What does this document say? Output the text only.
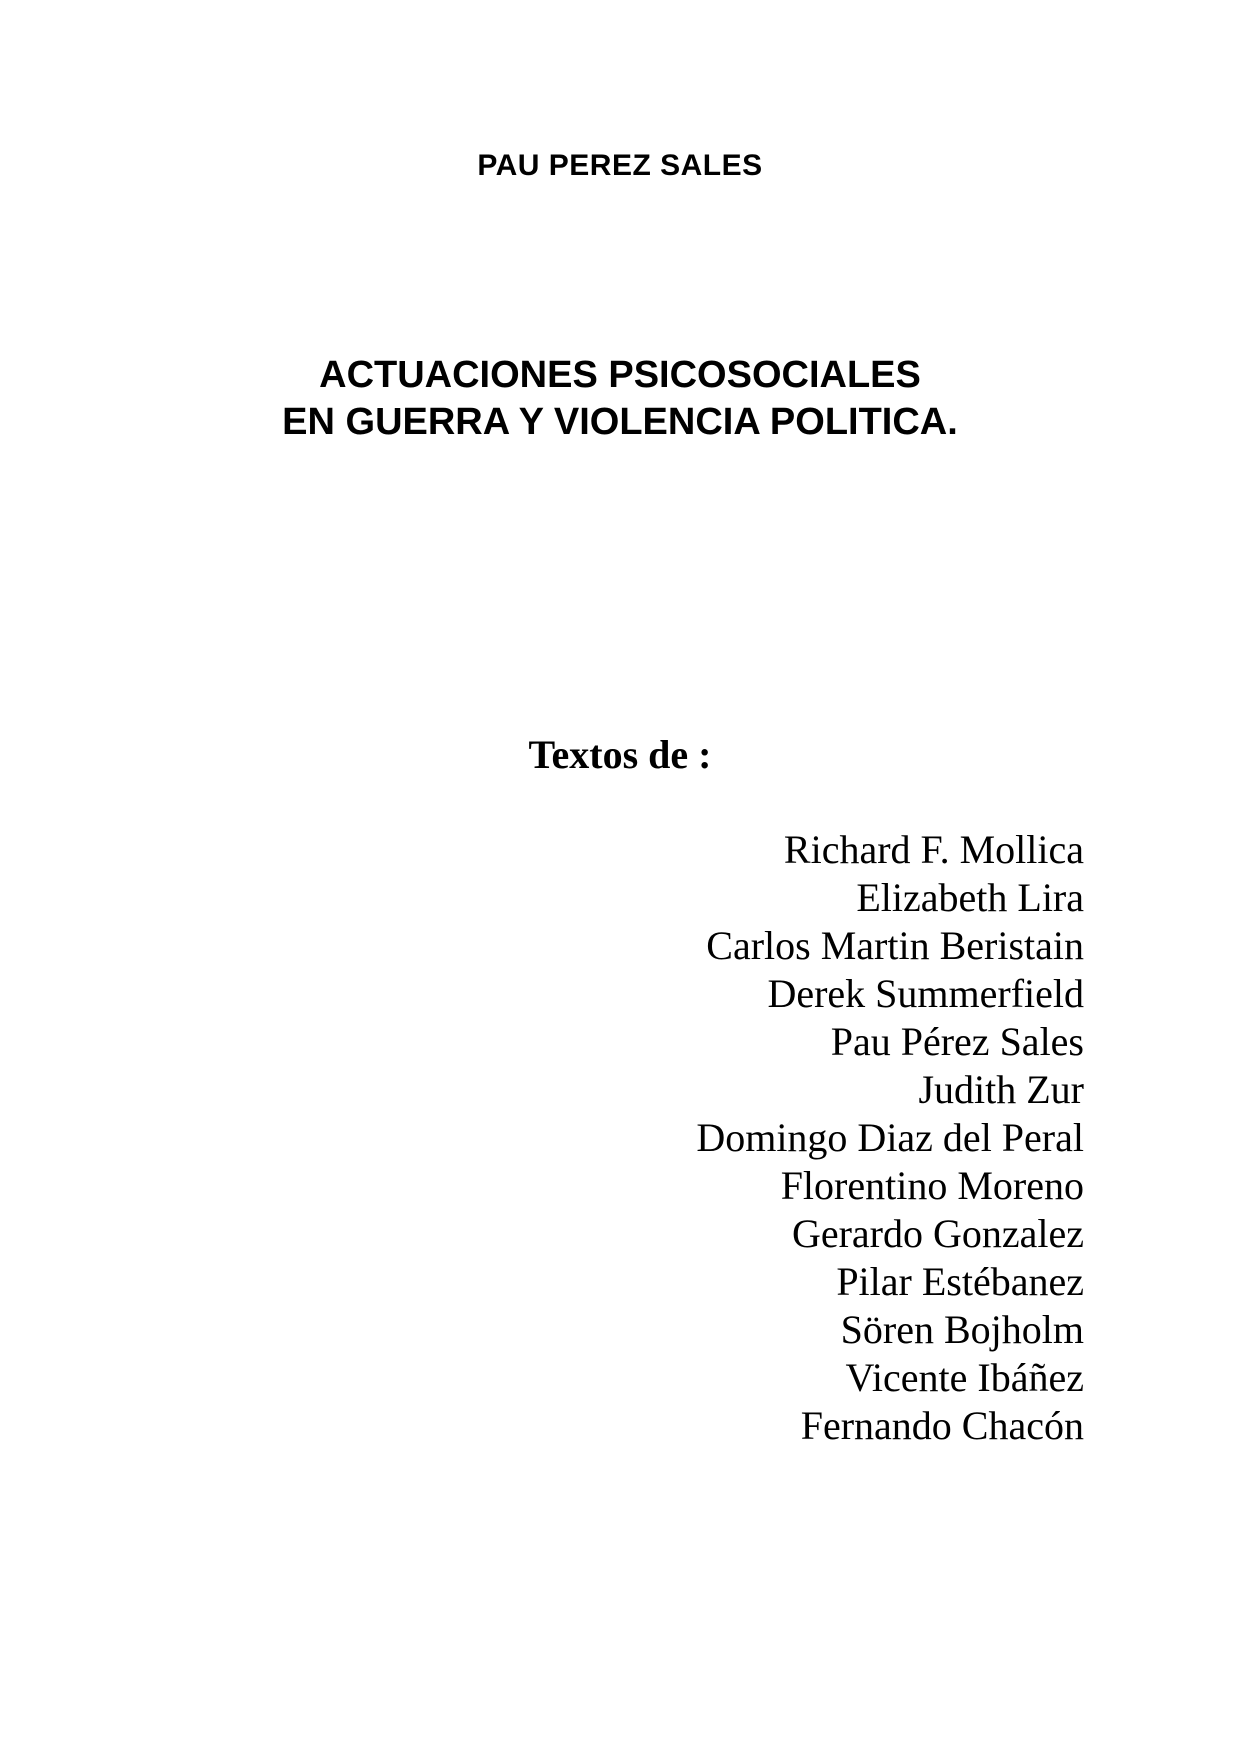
PAU PEREZ SALES
ACTUACIONES PSICOSOCIALES
EN GUERRA Y VIOLENCIA POLITICA.
Textos de :
Richard F. Mollica
Elizabeth Lira
Carlos Martin Beristain
Derek Summerfield
Pau Pérez Sales
Judith Zur
Domingo Diaz del Peral
Florentino Moreno
Gerardo Gonzalez
Pilar Estébanez
Sören Bojholm
Vicente Ibáñez
Fernando Chacón
